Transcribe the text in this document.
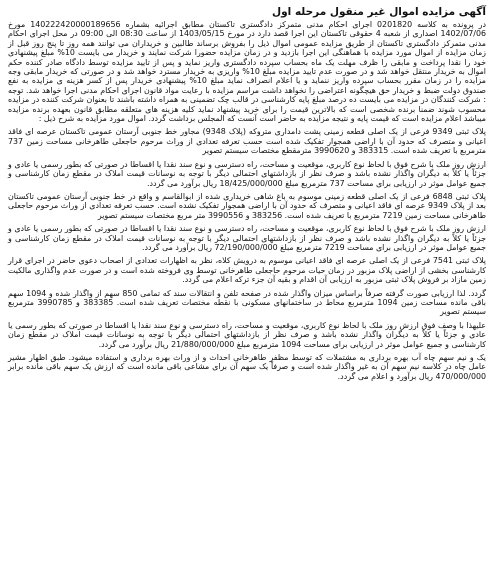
آگهی مزایده اموال غیر منقول مرحله اول

در پرونده به کلاسه 0201820 اجرای احکام مدنی متمرکز دادگستری تاکستان مطابق اجرائیه بشماره 140222420000189656 مورخ 1402/07/06 اصداری از شعبه 4 حقوقی تاکستان این اجرا قصد دارد در مورخ 1403/05/15 از ساعت 08:30 الی 09:00 در محل اجرای احکام مدنی متمرکز دادگستری تاکستان از طریق مزایده عمومی اموال ذیل را بفروش برساند طالبین و خریداران می توانند همه روز تا پنج روز قبل از زمان مزایده از اموال مورد مزایده با هماهنگی این اجرا بازدید و در زمان مزایده حضورا شرکت نمایند و خریدار می بایست 10% مبلغ پیشنهادی خود را نقدا پرداخت و مابقی را ظرف مهلت یک ماه بحساب سپرده دادگستری واریز نماید و پس از تایید مزایده توسط دادگاه صادر کننده حکم اموال به خریدار منتقل خواهد شد و در صورت عدم تایید مزایده مبلغ 10% واریزی به خریدار مسترد خواهد شد و در صورتی که خریدار مابقی وجه مزایده را در زمان مقرر بحساب سپرده واریز ننماید و یا اعلام انصراف نماید مبلغ 10% پیشنهادی خریدار پس از کسر هزینه ی مزایده به نفع صندوق دولت ضبط و خریدار حق هیچگونه اعتراضی را نخواهد داشت مراسم مزایده با رعایت مواد قانون اجرای احکام مدنی اجرا خواهد شد. توجه : شرکت کنندگان در مزایده می بایست ده درصد مبلغ پایه کارشناسی در قالب چک تضمینی به همراه داشته باشند تا بعنوان شرکت کننده در مزایده محسوب شوند ضمنا برنده شخصی است که بالاترین قیمت را برای خرید پیشنهاد نماید کلیه هزینه های متعلقه مطابق قانون بعهده برنده مزایده میباشد اعلام مزایده است که قیمت پایه و نتیجه مزایده به حاضر است آنست که المجلس برداشت گردد. اموال مورد مزایده به شرح ذیل :

پلاک ثبتی 9349 فرعی از یک اصلی قطعه زمینی پشت دامداری متروکه (پلاک 9348) مجاور خط جنوبی آرستان عمومی تاکستان عرصه ای فاقد اعیانی و متصرف که حدود آن با اراضی همجوار تفکیک شده است حسب تعرفه تعدادی از وراث مرحوم حاجعلی طاهرخانی مساحت زمین 737 مترمربع با تعریف شده است. 383315 و 3990620 مترمقطع مختصات سیستم تصویر

ارزش روز ملک با شرح فوق با لحاظ نوع کاربری، موقعیت و مساحت، راه دسترسی و نوع سند نقدا یا اقساطا در صورتی که بطور رسمی یا عادی و جزئاً یا کلاً به دیگران واگذار نشده باشد و صرف نظر از بازداشتهای احتمالی دیگر با توجه به نوسانات قیمت املاک در مقطع زمان کارشناسی و جمیع عوامل موثر در ارزیابی برای مساحت 737 مترمربع مبلغ 18/425/000/000 ریال برآورد می گردد.

پلاک ثبتی 6848 فرعی از یک اصلی قطعه زمینی موسوم به باغ شاهی خریداری شده از ابوالقاسم و واقع در خط جنوبی آرستان عمومی تاکستان بعد از پلاک 9349 عرصه ای فاقد اعیانی و متصرف که حدود آن با اراضی همجوار تفکیک نشده است. حسب تعرفه تعدادی از وراث مرحوم حاجعلی طاهرخانی مساحت زمین 7219 مترمربع با تعریف شده است. 383256 و 3990556 متر مربع مختصات سیستم تصویر

ارزش روز ملک با شرح فوق با لحاظ نوع کاربری، موقعیت و مساحت، راه دسترسی و نوع سند نقدا یا اقساطا در صورتی که بطور رسمی یا عادی و جزئاً یا کلاً به دیگران واگذار نشده باشد و صرف نظر از بازداشتهای احتمالی دیگر با توجه به نوسانات قیمت املاک در مقطع زمان کارشناسی و جمیع عوامل موثر در ارزیابی برای مساحت 7219 مترمربع مبلغ 72/190/000/000 ریال برآورد می گردد.

پلاک ثبتی 7541 فرعی از یک اصلی عرصه ای فاقد اعیانی موسوم به درویش کلاه، نظر به اظهارات تعدادی از اصحاب دعوی حاضر در اجرای قرار کارشناسی بخشی از اراضی پلاک مزبور در زمان حیات مرحوم حاجعلی طاهرخانی توسط وی فروخته شده است و در صورت عدم واگذاری مالکیت زمین مازاد بر فروش پلاک ثبتی مزبور به ارزیابی آن اقدام و بقیه آن جزء ترکه اعلام می گردد.

گردد. لذا ارزیابی صورت گرفته صرفاً براساس میزان واگذار شده در صفحه تلفن و انتقالات سند که تمامی 850 سهم از واگذار شده و 1094 سهم باقی مانده مساحت زمین 1094 مترمربع محاط در ساختمانهای مسکونی با نقطه مختصات تعریف شده است. 383385 و 3990785 مترمربع سیستم تصویر

علیهذا با وصف فوق ارزش روز ملک با لحاظ نوع کاربری، موقعیت و مساحت، راه دسترسی و نوع سند نقدا یا اقساطا در صورتی که بطور رسمی یا عادی و جزئاً یا کلاً به دیگران واگذار نشده باشد و صرف نظر از بازداشتهای احتمالی دیگر با توجه به نوسانات قیمت املاک در مقطع زمان کارشناسی و جمیع عوامل موثر در ارزیابی برای مساحت 1094 مترمربع مبلغ 21/880/000/000 ریال برآورد می گردد.

یک و نیم سهم چاه آب بهره برداری به مشتملات که توسط مظفر طاهرخانی احداث و از وراث بهره برداری و استفاده میشود. طبق اظهار مشیر عامل چاه در کلاسه نیم سهم آن به غیر واگذار شده است و صرفاً یک سهم آن برای مشاعی باقی مانده است که ارزش یک سهم باقی مانده برابر 470/000/000 ریال برآورد و اعلام می گردد.
